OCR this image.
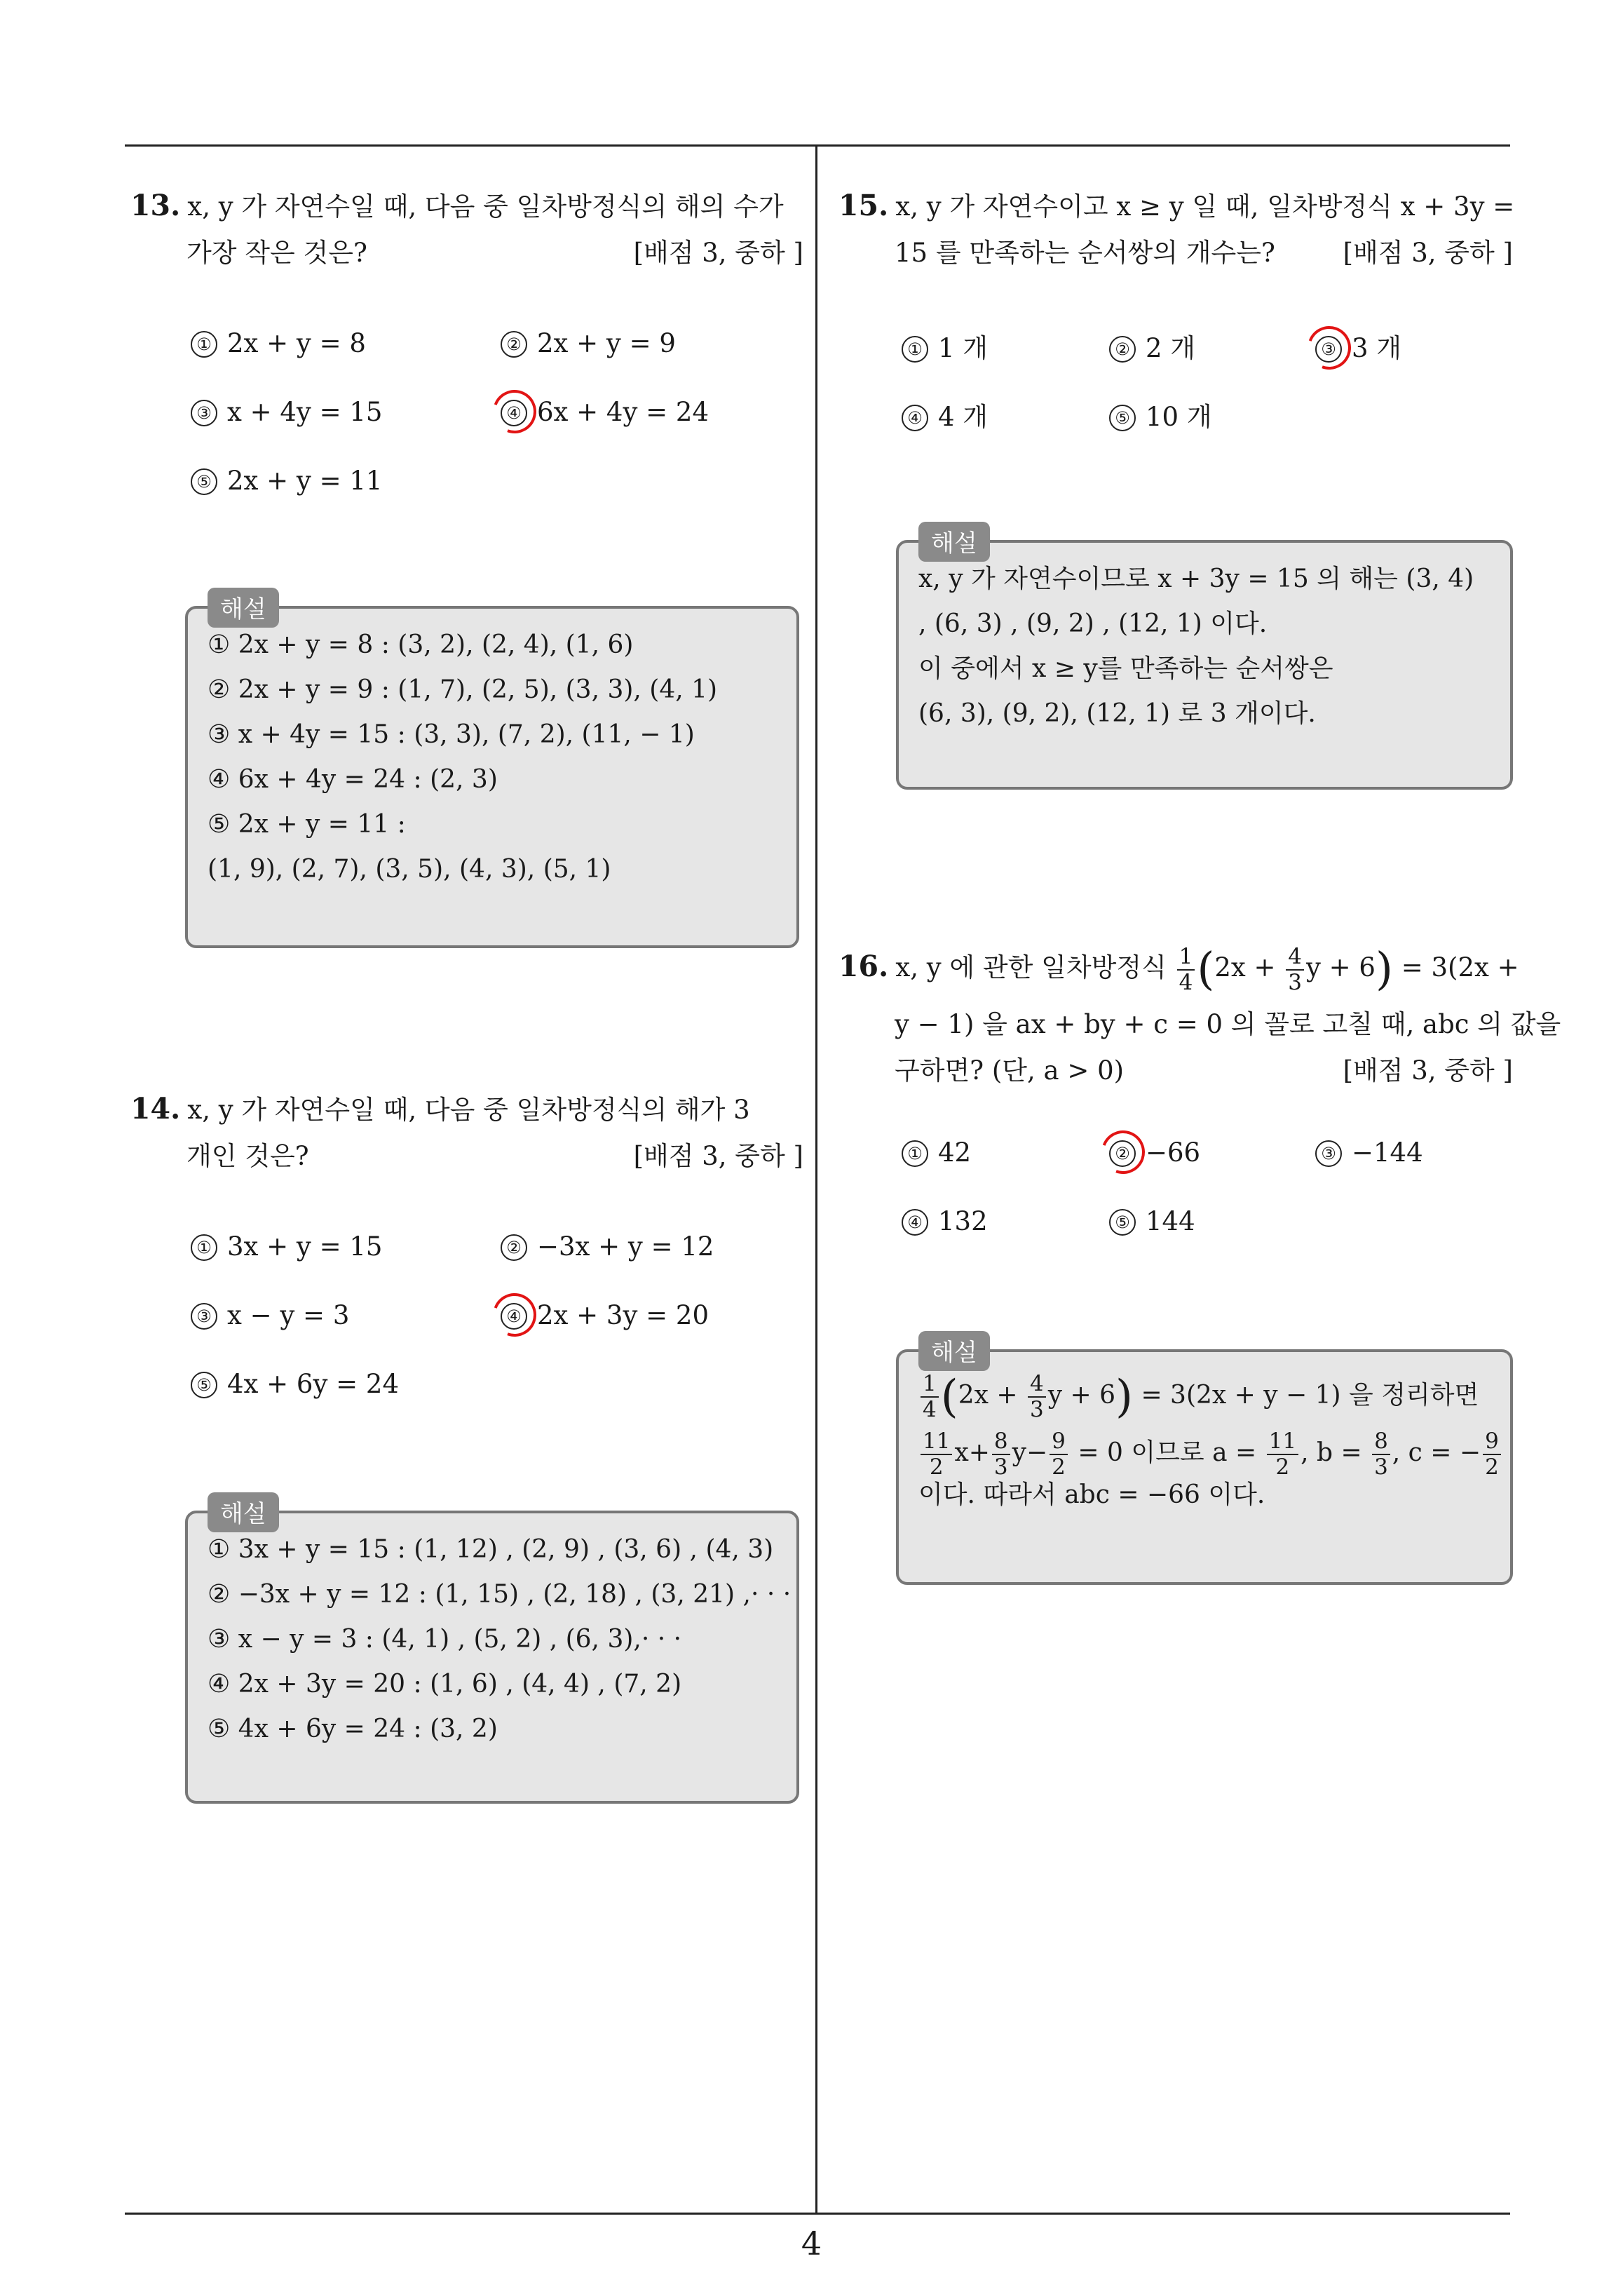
13. x, y 가 자연수일 때, 다음 중 일차방정식의 해의 수가
가장 작은 것은?	[배점 3, 중하 ]
① 2x + y = 8	② 2x + y = 9
③ x + 4y = 15	④ 6x + 4y = 24
⑤ 2x + y = 11
해설
① 2x + y = 8 : (3, 2), (2, 4), (1, 6)
② 2x + y = 9 : (1, 7), (2, 5), (3, 3), (4, 1)
③ x + 4y = 15 : (3, 3), (7, 2), (11, − 1)
④ 6x + 4y = 24 : (2, 3)
⑤ 2x + y = 11 :
(1, 9), (2, 7), (3, 5), (4, 3), (5, 1)
14. x, y 가 자연수일 때, 다음 중 일차방정식의 해가 3
개인 것은?	[배점 3, 중하 ]
① 3x + y = 15	② −3x + y = 12
③ x − y = 3	④ 2x + 3y = 20
⑤ 4x + 6y = 24
해설
① 3x + y = 15 : (1, 12) , (2, 9) , (3, 6) , (4, 3)
② −3x + y = 12 : (1, 15) , (2, 18) , (3, 21) ,· · ·
③ x − y = 3 : (4, 1) , (5, 2) , (6, 3),· · ·
④ 2x + 3y = 20 : (1, 6) , (4, 4) , (7, 2)
⑤ 4x + 6y = 24 : (3, 2)
15. x, y 가 자연수이고 x ≥ y 일 때, 일차방정식 x + 3y =
15 를 만족하는 순서쌍의 개수는?	[배점 3, 중하 ]
① 1 개	② 2 개	③ 3 개
④ 4 개	⑤ 10 개
해설
x, y 가 자연수이므로 x + 3y = 15 의 해는 (3, 4)
, (6, 3) , (9, 2) , (12, 1) 이다.
이 중에서 x ≥ y를 만족하는 순서쌍은
(6, 3), (9, 2), (12, 1) 로 3 개이다.
16. x, y 에 관한 일차방정식 $\frac{1}{4} (2x + \frac{4}{3}$ y + 6) = 3(2x +
y − 1) 을 ax + by + c = 0 의 꼴로 고칠 때, abc 의 값을
구하면? (단, a > 0)	[배점 3, 중하 ]
① 42	② −66	③ −144
④ 132	⑤ 144
해설
$\frac{1}{4} (2x + \frac{4}{3}$ y + 6) = 3(2x + y − 1) 을 정리하면
$\frac{11}{2} x+ \frac{8}{3} y- \frac{9}{2} = 0$ 이므로 $a = \frac{11}{2}$ , $b = \frac{8}{3}$ , c = − $\frac{9}{2}$
이다. 따라서 abc = −66 이다.
4
